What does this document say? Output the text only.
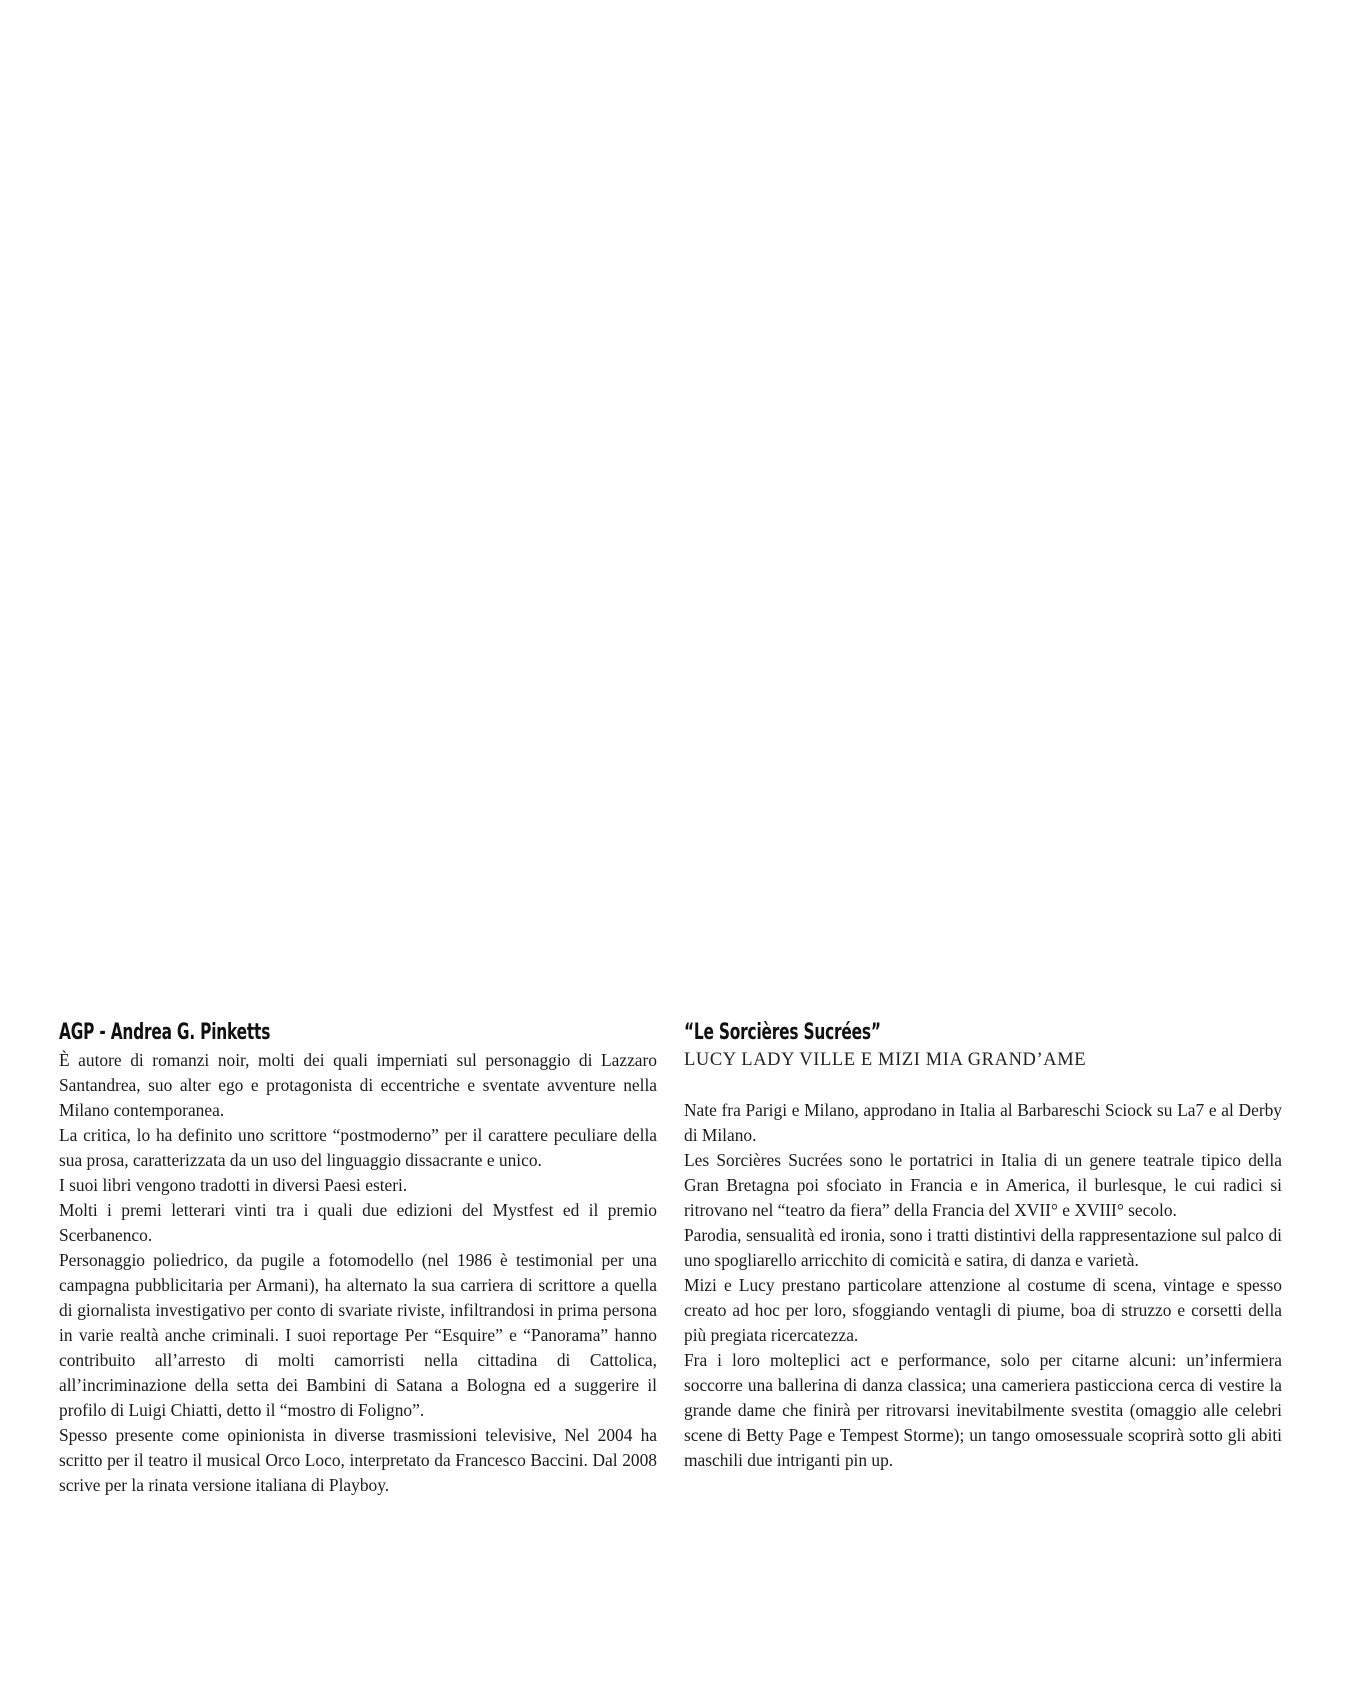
AGP - Andrea G. Pinketts

È autore di romanzi noir, molti dei quali imperniati sul personaggio di Lazzaro Santandrea, suo alter ego e protagonista di eccentriche e sventate avventure nella Milano contemporanea.

La critica, lo ha definito uno scrittore “postmoderno” per il carattere peculiare della sua prosa, caratterizzata da un uso del linguaggio dissacrante e unico.

I suoi libri vengono tradotti in diversi Paesi esteri.

Molti i premi letterari vinti tra i quali due edizioni del Mystfest ed il premio Scerbanenco.

Personaggio poliedrico, da pugile a fotomodello (nel 1986 è testimonial per una campagna pubblicitaria per Armani), ha alternato la sua carriera di scrittore a quella di giornalista investigativo per conto di svariate riviste, infiltrandosi in prima persona in varie realtà anche criminali. I suoi reportage Per “Esquire” e “Panorama” hanno contribuito all’arresto di molti camorristi nella cittadina di Cattolica, all’incriminazione della setta dei Bambini di Satana a Bologna ed a suggerire il profilo di Luigi Chiatti, detto il “mostro di Foligno”.

Spesso presente come opinionista in diverse trasmissioni televisive, Nel 2004 ha scritto per il teatro il musical Orco Loco, interpretato da Francesco Baccini. Dal 2008 scrive per la rinata versione italiana di Playboy.

“Le Sorcières Sucrées”

LUCY LADY VILLE E MIZI MIA GRAND’AME

Nate fra Parigi e Milano, approdano in Italia al Barbareschi Sciock su La7 e al Derby di Milano.

Les Sorcières Sucrées sono le portatrici in Italia di un genere teatrale tipico della Gran Bretagna poi sfociato in Francia e in America, il burlesque, le cui radici si ritrovano nel “teatro da fiera” della Francia del XVII° e XVIII° secolo.

Parodia, sensualità ed ironia, sono i tratti distintivi della rappresentazione sul palco di uno spogliarello arricchito di comicità e satira, di danza e varietà.

Mizi e Lucy prestano particolare attenzione al costume di scena, vintage e spesso creato ad hoc per loro, sfoggiando ventagli di piume, boa di struzzo e corsetti della più pregiata ricercatezza.

Fra i loro molteplici act e performance, solo per citarne alcuni: un’infermiera soccorre una ballerina di danza classica; una cameriera pasticciona cerca di vestire la grande dame che finirà per ritrovarsi inevitabilmente svestita (omaggio alle celebri scene di Betty Page e Tempest Storme); un tango omosessuale scoprirà sotto gli abiti maschili due intriganti pin up.
